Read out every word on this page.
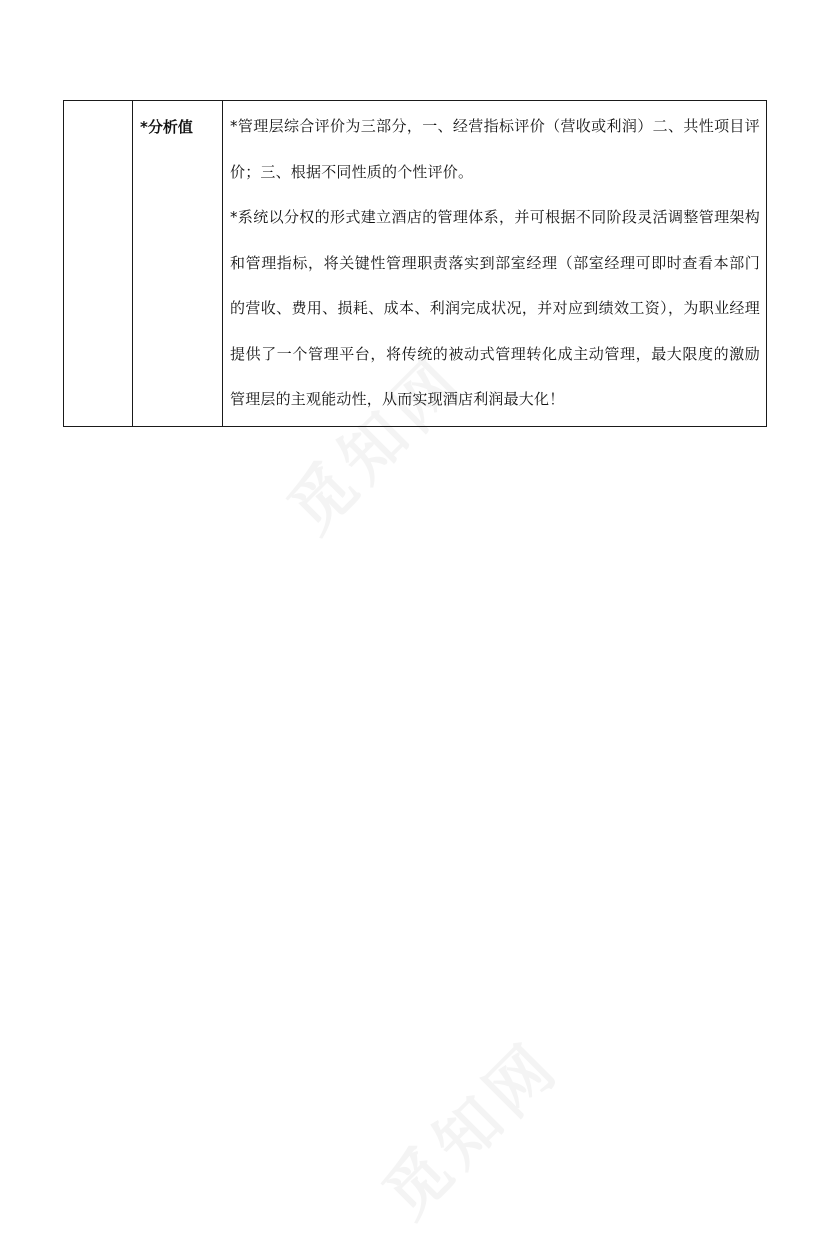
*分析值	*管理层综合评价为三部分，一、经营指标评价（营收或利润）二、共性项目评价；三、根据不同性质的个性评价。

*系统以分权的形式建立酒店的管理体系，并可根据不同阶段灵活调整管理架构和管理指标，将关键性管理职责落实到部室经理（部室经理可即时查看本部门的营收、费用、损耗、成本、利润完成状况，并对应到绩效工资），为职业经理提供了一个管理平台，将传统的被动式管理转化成主动管理，最大限度的激励管理层的主观能动性，从而实现酒店利润最大化！
